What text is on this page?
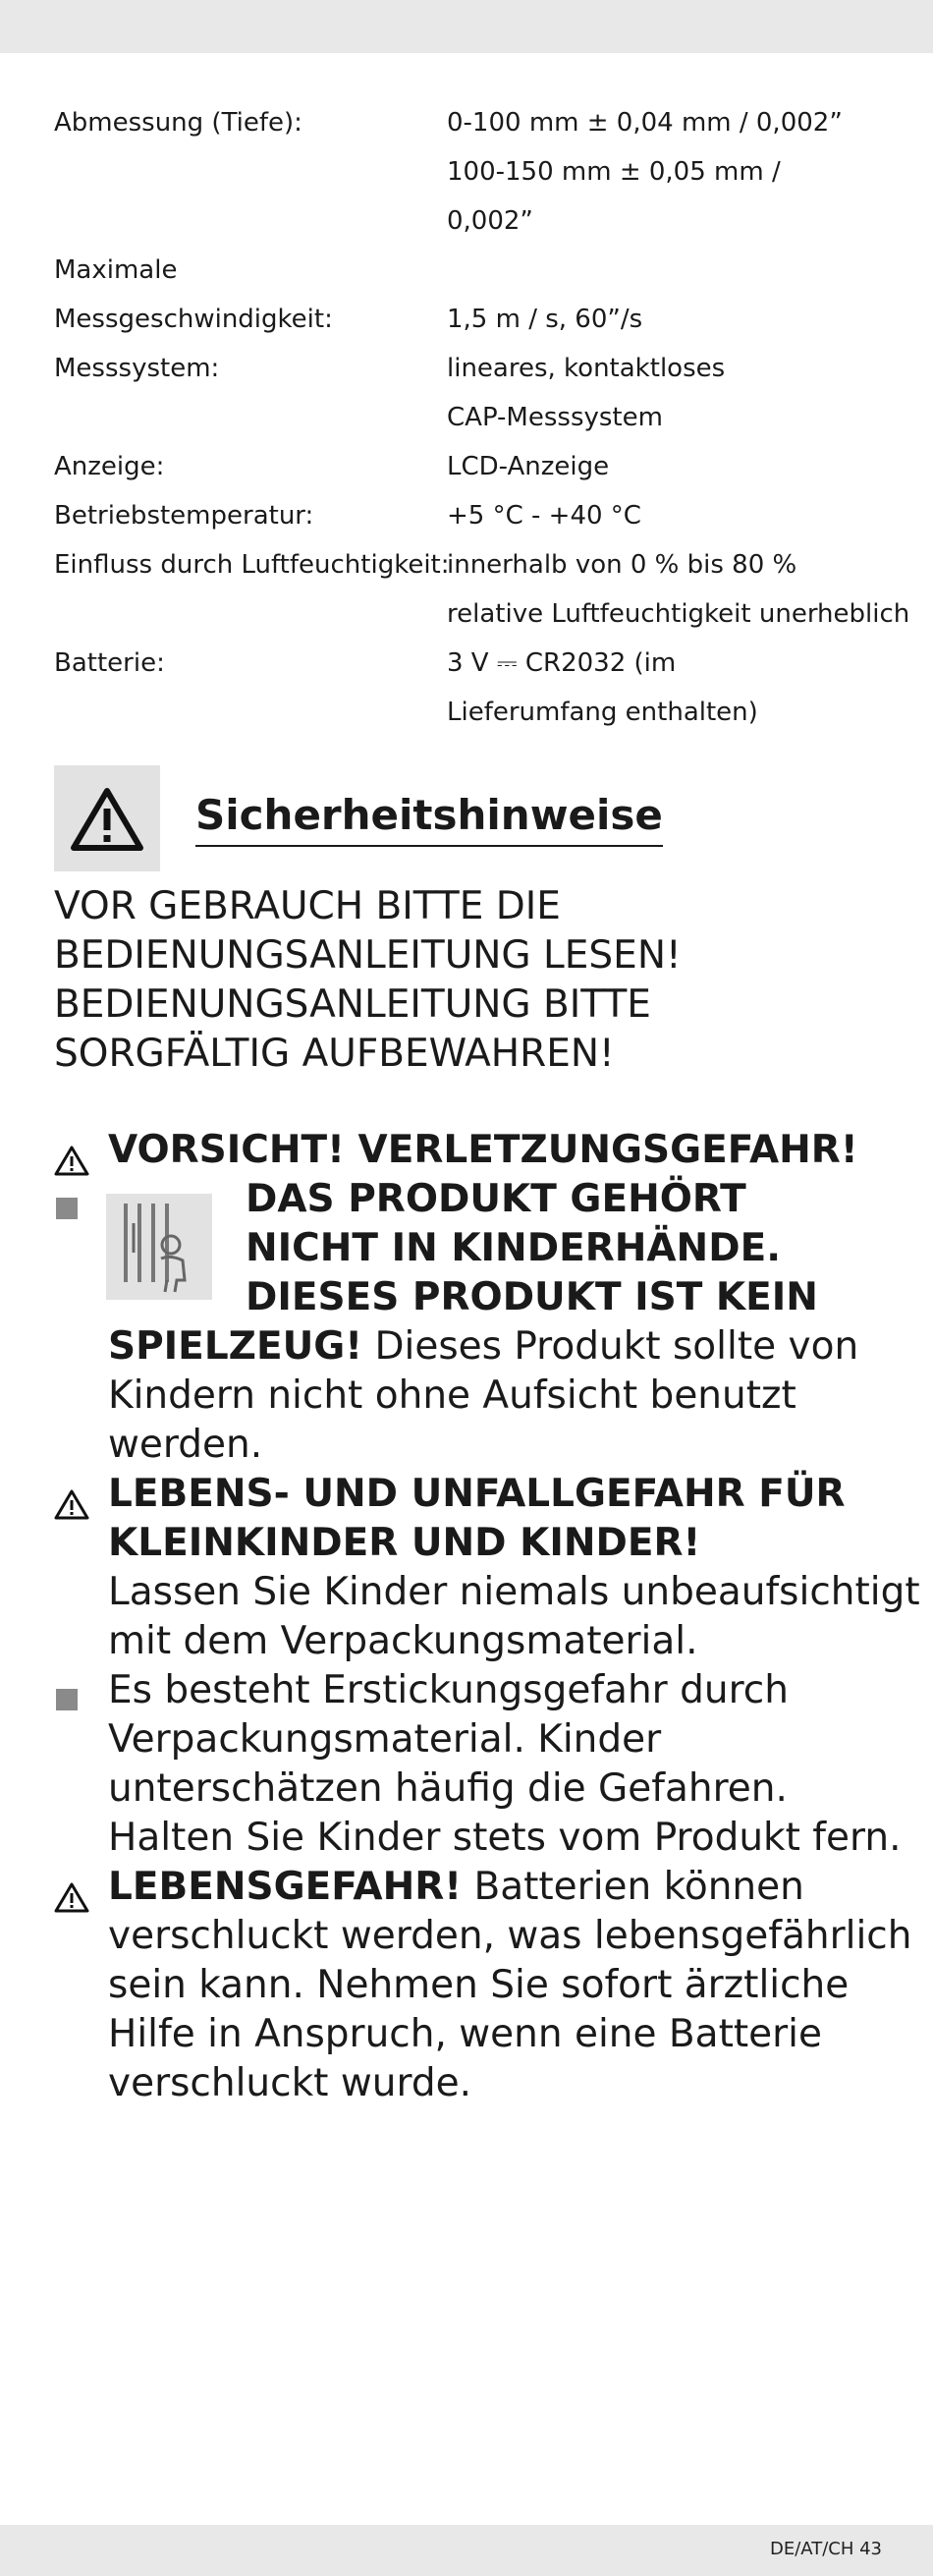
Abmessung (Tiefe):	0-100 mm ± 0,04 mm / 0,002”
100-150 mm ± 0,05 mm /
0,002”
Maximale
Messgeschwindigkeit:	1,5 m / s, 60”/s
Messsystem:	lineares, kontaktloses
CAP-Messsystem
Anzeige:	LCD-Anzeige
Betriebstemperatur:	+5 °C - +40 °C
Einfluss durch Luftfeuchtigkeit:
innerhalb von 0 % bis 80 %
relative Luftfeuchtigkeit unerheblich
Batterie:	3 V ⎓ CR2032 (im
Lieferumfang enthalten)
Sicherheitshinweise
VOR GEBRAUCH BITTE DIE
BEDIENUNGSANLEITUNG LESEN!
BEDIENUNGSANLEITUNG BITTE
SORGFÄLTIG AUFBEWAHREN!
VORSICHT! VERLETZUNGSGEFAHR!
DAS PRODUKT GEHÖRT
NICHT IN KINDERHÄNDE.
DIESES PRODUKT IST KEIN
SPIELZEUG! Dieses Produkt sollte von
Kindern nicht ohne Aufsicht benutzt
werden.
LEBENS- UND UNFALLGEFAHR FÜR
KLEINKINDER UND KINDER!
Lassen Sie Kinder niemals unbeaufsichtigt
mit dem Verpackungsmaterial.
Es besteht Erstickungsgefahr durch
Verpackungsmaterial. Kinder
unterschätzen häufig die Gefahren.
Halten Sie Kinder stets vom Produkt fern.
LEBENSGEFAHR! Batterien können
verschluckt werden, was lebensgefährlich
sein kann. Nehmen Sie sofort ärztliche
Hilfe in Anspruch, wenn eine Batterie
verschluckt wurde.
DE/AT/CH 43
